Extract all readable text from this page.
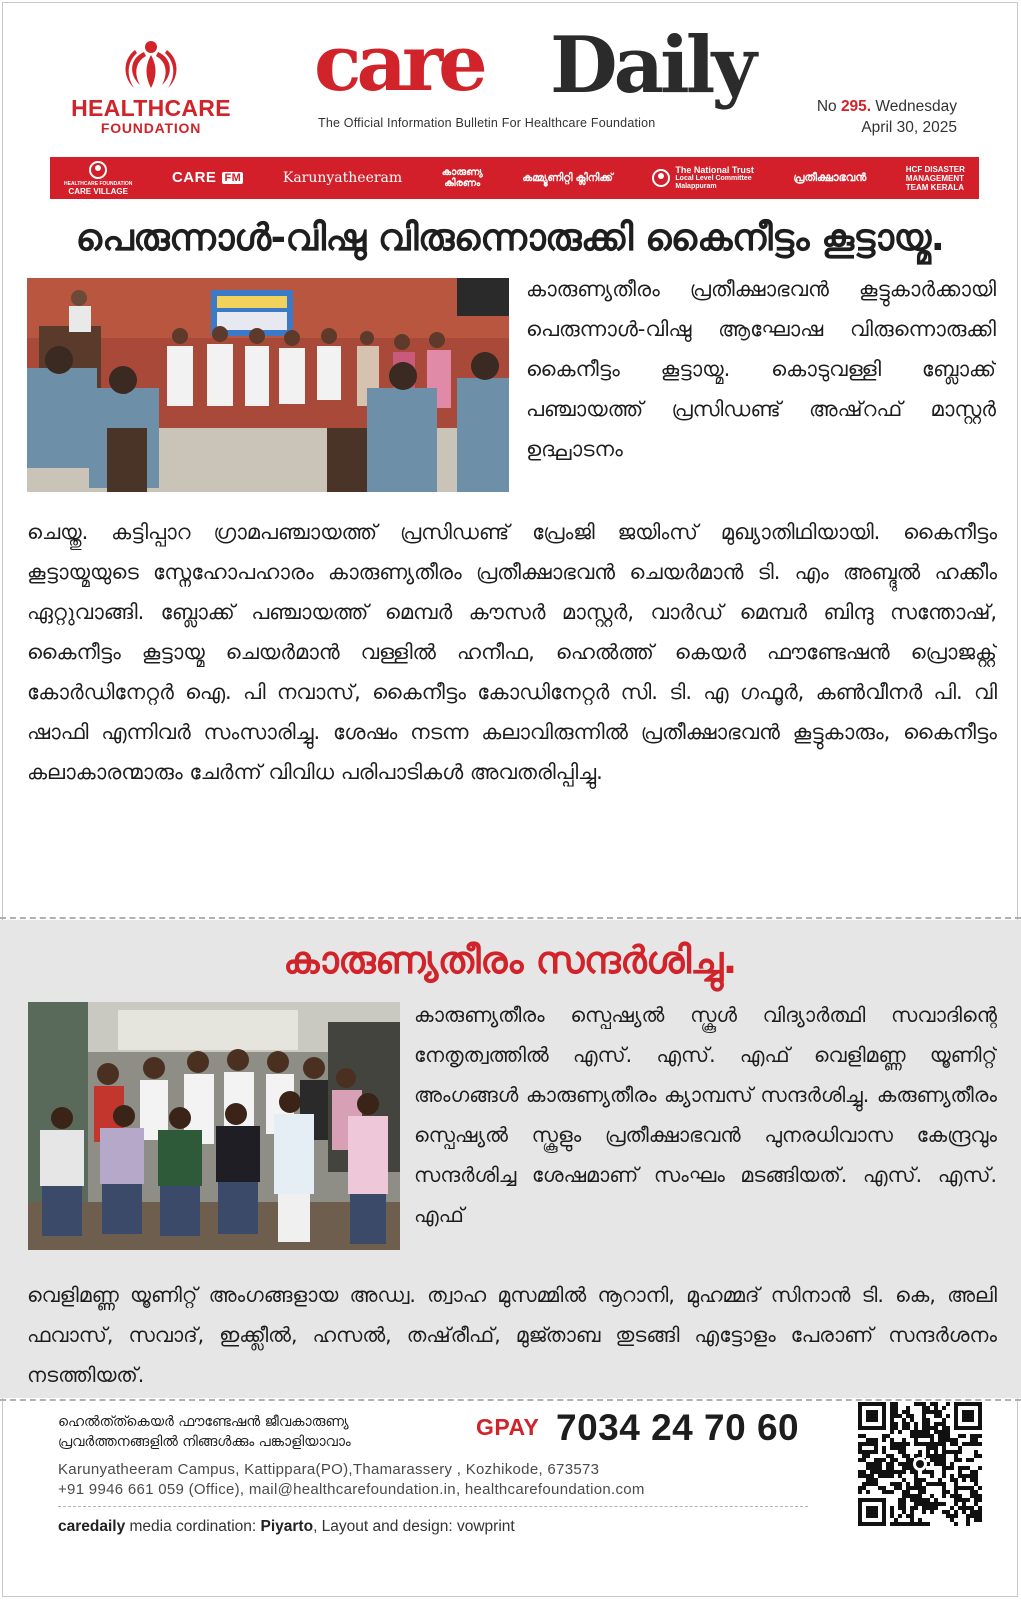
HEALTHCARE
FOUNDATION
care Daily
The Official Information Bulletin For Healthcare Foundation
No 295. Wednesday
April 30, 2025
HEALTHCARE FOUNDATION
CARE VILLAGE
CARE FM	Karunyatheeram	കാരുണ്യ
കിരണം	കമ്മ്യൂണിറ്റി ക്ലിനിക്ക്
The National Trust
Local Level Committee
Malappuram
പ്രതീക്ഷാഭവൻ
HCF DISASTER
MANAGEMENT
TEAM KERALA
പെരുന്നാൾ-വിഷു വിരുന്നൊരുക്കി കൈനീട്ടം കൂട്ടായ്മ.
കാരുണ്യതീരം പ്രതീക്ഷാഭവൻ കൂട്ടുകാർക്കായി പെരുന്നാൾ-വിഷു ആഘോഷ വിരുന്നൊരുക്കി കൈനീട്ടം കൂട്ടായ്മ. കൊടുവള്ളി ബ്ലോക്ക് പഞ്ചായത്ത് പ്രസിഡണ്ട് അഷ്‌റഫ് മാസ്റ്റർ ഉദ്ഘാടനം
ചെയ്തു. കട്ടിപ്പാറ ഗ്രാമപഞ്ചായത്ത് പ്രസിഡണ്ട് പ്രേംജി ജയിംസ് മുഖ്യാതിഥിയായി. കൈനീട്ടം കൂട്ടായ്മയുടെ സ്നേഹോപഹാരം കാരുണ്യതീരം പ്രതീക്ഷാഭവൻ ചെയർമാൻ ടി. എം അബ്ദുൽ ഹക്കീം ഏറ്റുവാങ്ങി. ബ്ലോക്ക് പഞ്ചായത്ത് മെമ്പർ കൗസർ മാസ്റ്റർ, വാർഡ് മെമ്പർ ബിന്ദു സന്തോഷ്, കൈനീട്ടം കൂട്ടായ്മ ചെയർമാൻ വള്ളിൽ ഹനീഫ, ഹെൽത്ത് കെയർ ഫൗണ്ടേഷൻ പ്രൊജക്റ്റ് കോർഡിനേറ്റർ ഐ. പി നവാസ്, കൈനീട്ടം കോഡിനേറ്റർ സി. ടി. എ ഗഫൂർ, കൺവീനർ പി. വി ഷാഫി എന്നിവർ സംസാരിച്ചു. ശേഷം നടന്ന കലാവിരുന്നിൽ പ്രതീക്ഷാഭവൻ കൂട്ടുകാരും, കൈനീട്ടം കലാകാരന്മാരും ചേർന്ന് വിവിധ പരിപാടികൾ അവതരിപ്പിച്ചു.
കാരുണ്യതീരം സന്ദർശിച്ചു.
കാരുണ്യതീരം സ്പെഷ്യൽ സ്കൂൾ വിദ്യാർത്ഥി സവാദിന്റെ നേതൃത്വത്തിൽ എസ്. എസ്. എഫ് വെളിമണ്ണ യൂണിറ്റ് അംഗങ്ങൾ കാരുണ്യതീരം ക്യാമ്പസ് സന്ദർശിച്ചു. കരുണ്യതീരം സ്പെഷ്യൽ സ്കൂളും പ്രതീക്ഷാഭവൻ പുനരധിവാസ കേന്ദ്രവും സന്ദർശിച്ച ശേഷമാണ് സംഘം മടങ്ങിയത്. എസ്. എസ്. എഫ്
വെളിമണ്ണ യൂണിറ്റ് അംഗങ്ങളായ അഡ്വ. ത്വാഹ മുസമ്മിൽ നൂറാനി, മുഹമ്മദ് സിനാൻ ടി. കെ, അലി ഫവാസ്, സവാദ്, ഇക്ക്ലീൽ, ഹസൽ, തഷ്‌രീഫ്, മുജ്താബ തുടങ്ങി എട്ടോളം പേരാണ് സന്ദർശനം നടത്തിയത്.
ഹെൽത്ത്കെയർ ഫൗണ്ടേഷൻ ജീവകാരുണ്യ
പ്രവർത്തനങ്ങളിൽ നിങ്ങൾക്കും പങ്കാളിയാവാം
GPAY 7034 24 70 60
Karunyatheeram Campus, Kattippara(PO),Thamarassery , Kozhikode, 673573
+91 9946 661 059 (Office), mail@healthcarefoundation.in, healthcarefoundation.com
caredaily media cordination: Piyarto, Layout and design: vowprint
